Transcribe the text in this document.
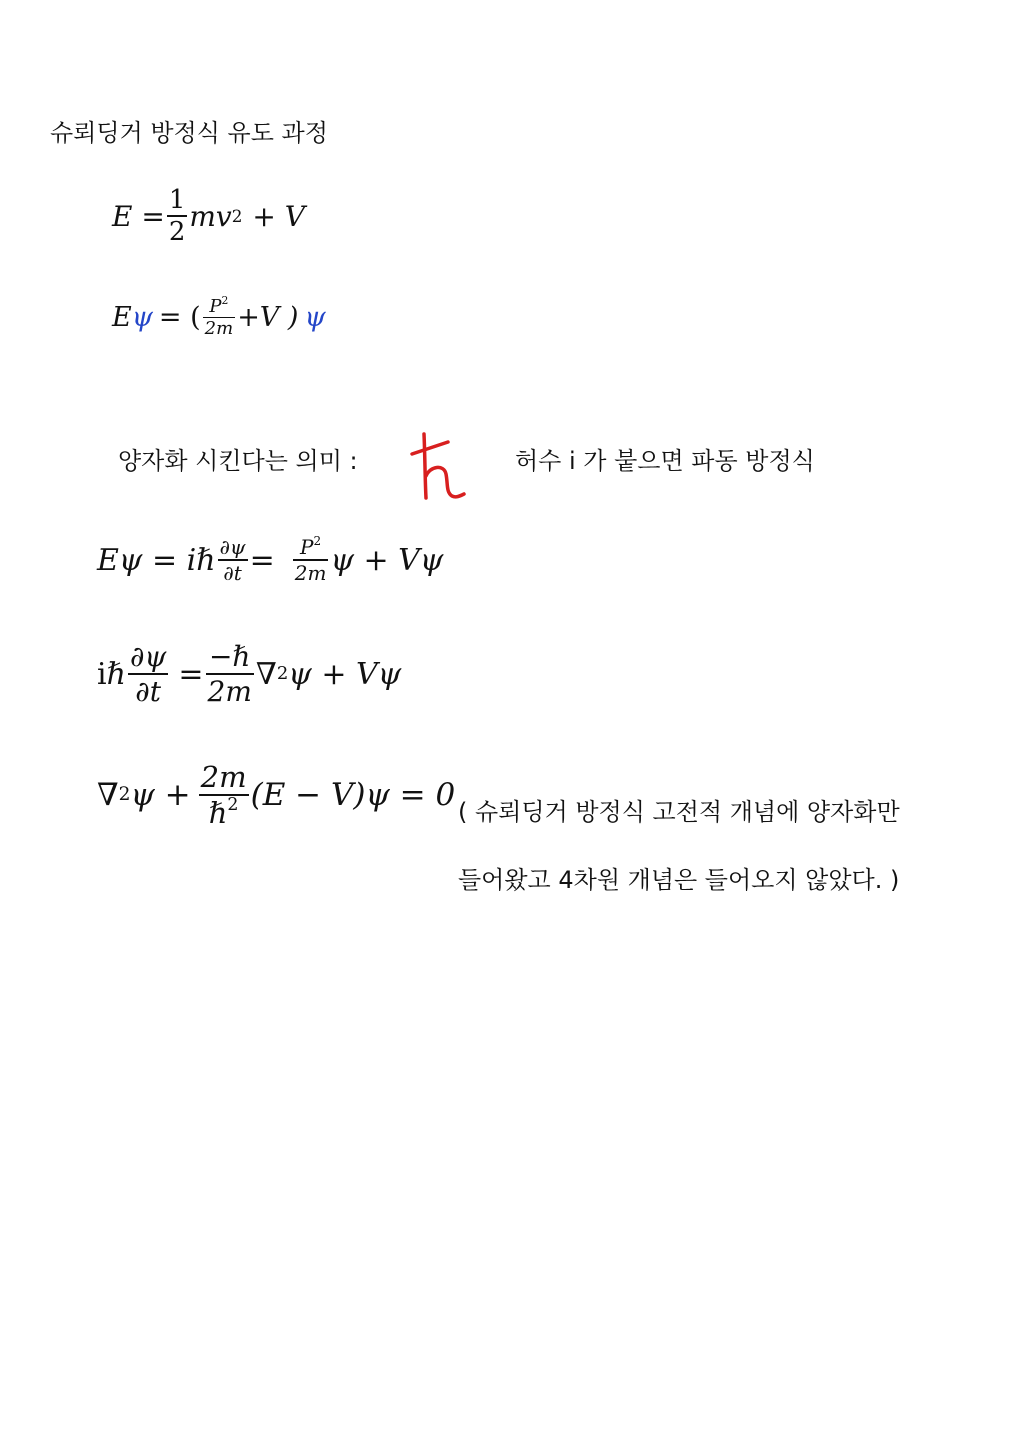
슈뢰딩거 방정식 유도 과정
$E = \frac{1}{2}$ mv 2 + V
E ψ = ( $\frac{P^2}{2m} +V$ ) ψ
양자화 시킨다는 의미 :	허수 i 가 붙으면 파동 방정식
Eψ = iℏ $\frac{\partial\psi}{\partial t} = \frac{P^2}{2m}$ ψ + Vψ
i ℏ $\frac{\partial\psi}{\partial t} = \frac{\text{−ℏ}}{2m}$ ∇ 2 ψ + Vψ
∇ 2 $\psi + \frac{2m}{\hbar^2} (E - V)\psi = 0$ ( 슈뢰딩거 방정식 고전적 개념에 양자화만
들어왔고 4차원 개념은 들어오지 않았다. )
